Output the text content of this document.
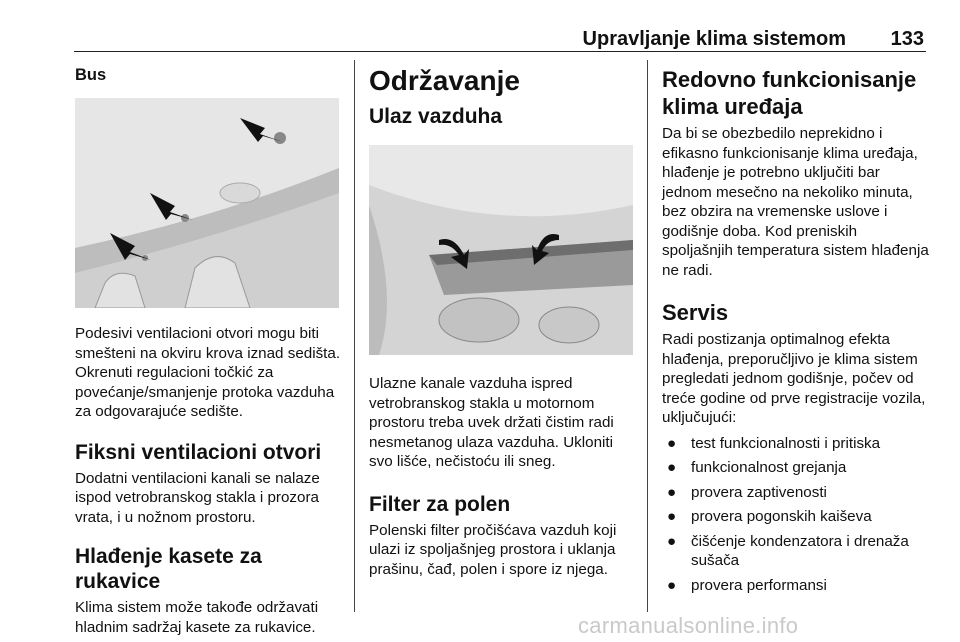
Upravljanje klima sistemom 133

Bus

Podesivi ventilacioni otvori mogu biti smešteni na okviru krova iznad sedišta. Okrenuti regulacioni točkić za povećanje/smanjenje protoka vazduha za odgovarajuće sedište.

Fiksni ventilacioni otvori

Dodatni ventilacioni kanali se nalaze ispod vetrobranskog stakla i prozora vrata, i u nožnom prostoru.

Hlađenje kasete za rukavice

Klima sistem može takođe održavati hladnim sadržaj kasete za rukavice.

Održavanje

Ulaz vazduha

Ulazne kanale vazduha ispred vetrobranskog stakla u motornom prostoru treba uvek držati čistim radi nesmetanog ulaza vazduha. Ukloniti svo lišće, nečistoću ili sneg.

Filter za polen

Polenski filter pročišćava vazduh koji ulazi iz spoljašnjeg prostora i uklanja prašinu, čađ, polen i spore iz njega.

Redovno funkcionisanje klima uređaja

Da bi se obezbedilo neprekidno i efikasno funkcionisanje klima uređaja, hlađenje je potrebno uključiti bar jednom mesečno na nekoliko minuta, bez obzira na vremenske uslove i godišnje doba. Kod preniskih spoljašnjih temperatura sistem hlađenja ne radi.

Servis

Radi postizanja optimalnog efekta hlađenja, preporučljivo je klima sistem pregledati jednom godišnje, počev od treće godine od prve registracije vozila, uključujući:

● test funkcionalnosti i pritiska
● funkcionalnost grejanja
● provera zaptivenosti
● provera pogonskih kaiševa
● čišćenje kondenzatora i drenaža sušača
● provera performansi
carmanualsonline.info
